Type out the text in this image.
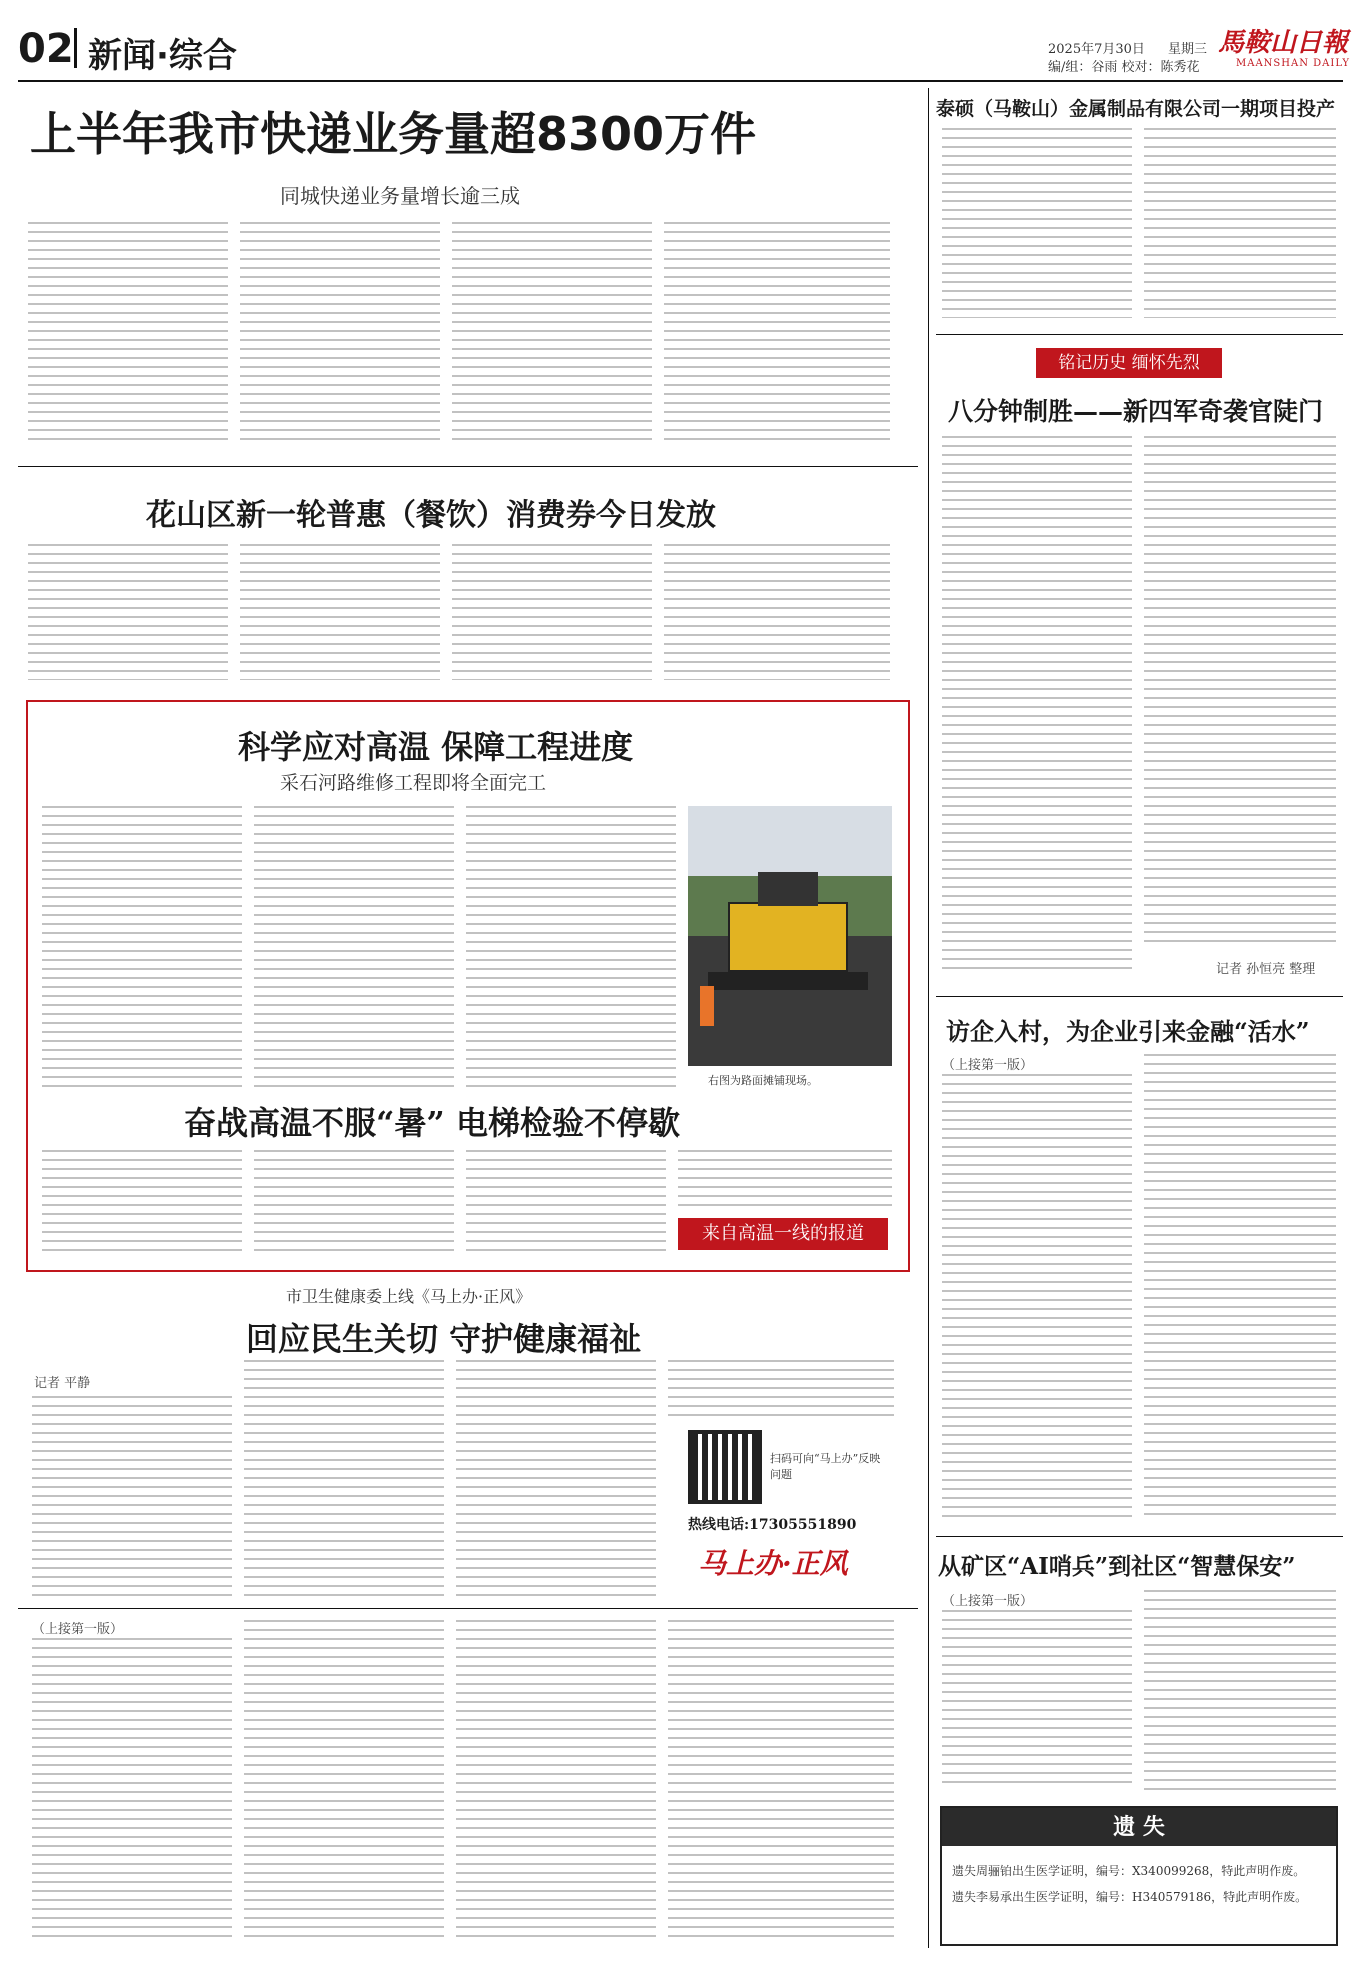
02 新闻·综合	2025年7月30日 星期三
编/组：谷雨 校对：陈秀花
馬鞍山日報
MAANSHAN DAILY
上半年我市快递业务量超8300万件
同城快递业务量增长逾三成
花山区新一轮普惠（餐饮）消费券今日发放
科学应对高温 保障工程进度
采石河路维修工程即将全面完工
右图为路面摊铺现场。
奋战高温不服“暑” 电梯检验不停歇
来自高温一线的报道
市卫生健康委上线《马上办·正风》
回应民生关切 守护健康福祉
记者 平静
扫码可向“马上办”反映问题
热线电话:17305551890
马上办·正风
（上接第一版）
泰硕（马鞍山）金属制品有限公司一期项目投产
铭记历史 缅怀先烈
八分钟制胜——新四军奇袭官陡门
记者 孙恒亮 整理
访企入村，为企业引来金融“活水”
（上接第一版）
从矿区“AI哨兵”到社区“智慧保安”
（上接第一版）
遗 失
遗失周骊铂出生医学证明，编号：X340099268，特此声明作废。
遗失李易承出生医学证明，编号：H340579186，特此声明作废。
